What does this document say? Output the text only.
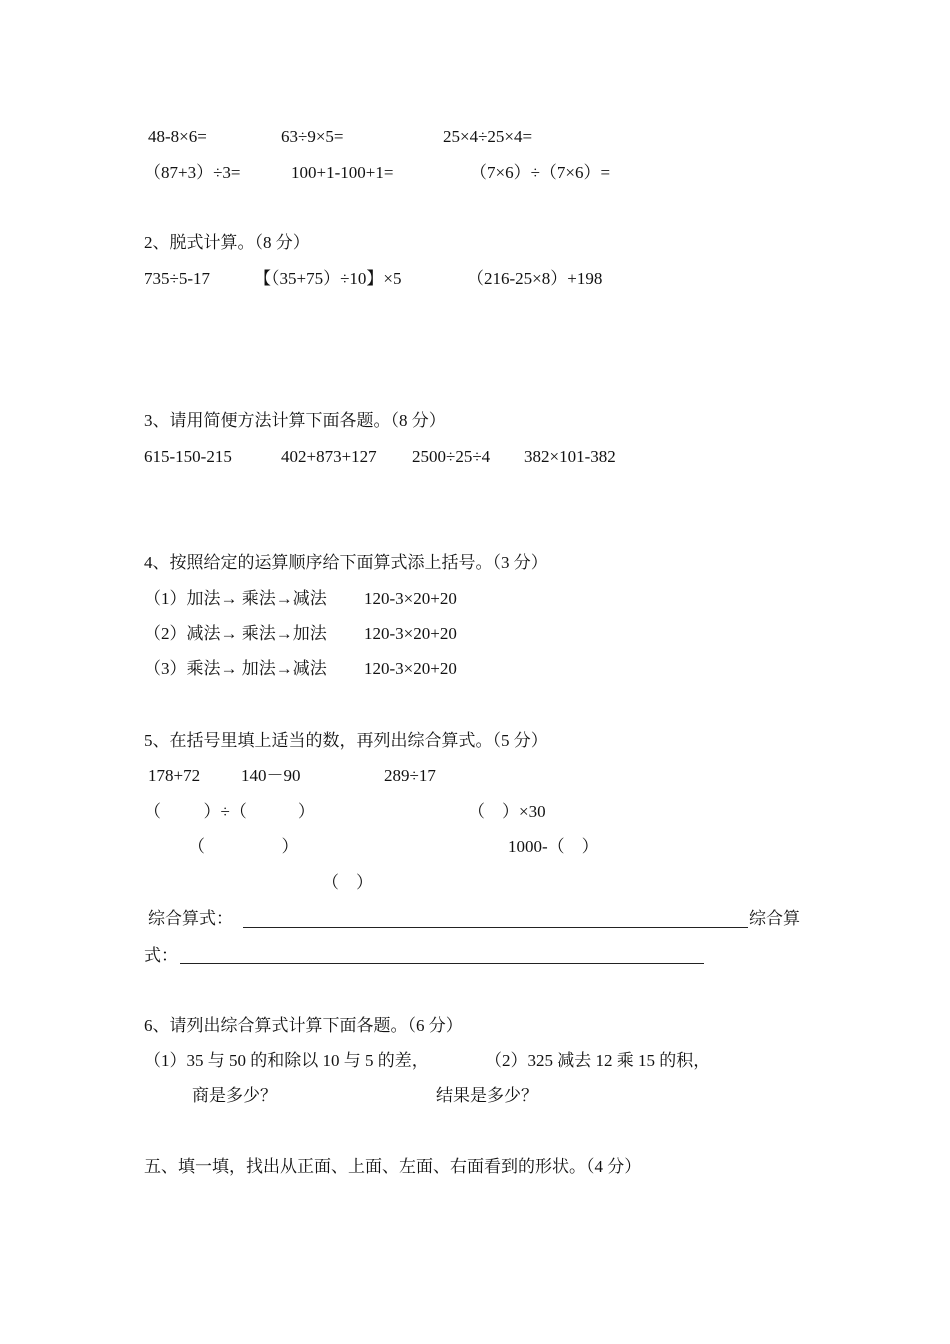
48-8×6=	63÷9×5=	25×4÷25×4=
（87+3）÷3=	100+1-100+1=	（7×6）÷（7×6）=
2、脱式计算。（8 分）
735÷5-17	【（35+75）÷10】×5	（216-25×8）+198
3、请用简便方法计算下面各题。（8 分）
615-150-215	402+873+127 2500÷25÷4 382×101-382
4、按照给定的运算顺序给下面算式添上括号。（3 分）
（1）加法→ 乘法→减法 120-3×20+20
（2）减法→ 乘法→加法 120-3×20+20
（3）乘法→ 加法→减法 120-3×20+20
5、在括号里填上适当的数，再列出综合算式。（5 分）
178+72 140－90	289÷17
（          ）÷（            ）	（    ）×30
（                  ）	1000-（    ）
（    ）
综合算式：	综合算
式：
6、请列出综合算式计算下面各题。（6 分）
（1）35 与 50 的和除以 10 与 5 的差，	（2）325 减去 12 乘 15 的积，
商是多少？	结果是多少？
五、填一填，找出从正面、上面、左面、右面看到的形状。（4 分）
